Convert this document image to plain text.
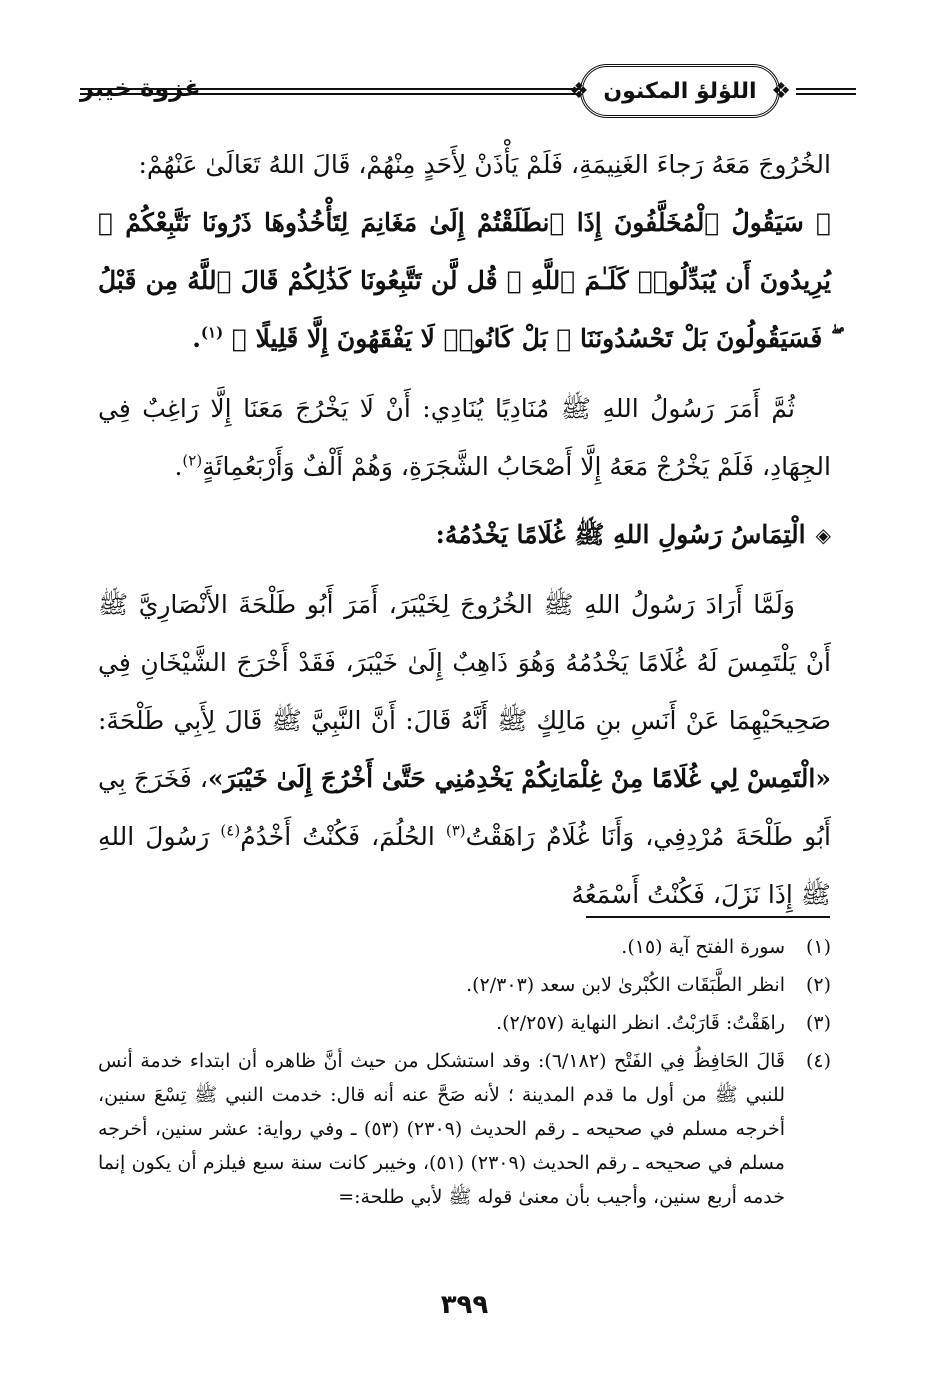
غزوة خيبر
❖	اللؤلؤ المكنون
❖

الخُرُوجَ مَعَهُ رَجاءَ الغَنِيمَةِ، فَلَمْ يَأْذَنْ لِأَحَدٍ مِنْهُمْ، قَالَ اللهُ تَعَالَىٰ عَنْهُمْ:

﴿ سَيَقُولُ ٱلْمُخَلَّفُونَ إِذَا ٱنطَلَقْتُمْ إِلَىٰ مَغَانِمَ لِتَأْخُذُوهَا ذَرُونَا نَتَّبِعْكُمْ ۖ يُرِيدُونَ أَن يُبَدِّلُوا۟ كَلَـٰمَ ٱللَّهِ ۚ قُل لَّن تَتَّبِعُونَا كَذَٰلِكُمْ قَالَ ٱللَّهُ مِن قَبْلُ ۖ فَسَيَقُولُونَ بَلْ تَحْسُدُونَنَا ۚ بَلْ كَانُوا۟ لَا يَفْقَهُونَ إِلَّا قَلِيلًا ﴾ $^{(١)}$.

ثُمَّ أَمَرَ رَسُولُ اللهِ ﷺ مُنَادِيًا يُنَادِي: أَنْ لَا يَخْرُجَ مَعَنَا إِلَّا رَاغِبٌ فِي الجِهَادِ، فَلَمْ يَخْرُجْ مَعَهُ إِلَّا أَصْحَابُ الشَّجَرَةِ، وَهُمْ أَلْفٌ وَأَرْبَعُمِائَةٍ$^{(٢)}$.

◈
الْتِمَاسُ رَسُولِ اللهِ ﷺ غُلَامًا يَخْدُمُهُ:

وَلَمَّا أَرَادَ رَسُولُ اللهِ ﷺ الخُرُوجَ لِخَيْبَرَ، أَمَرَ أَبُو طَلْحَةَ الأَنْصَارِيَّ ﷺ أَنْ يَلْتَمِسَ لَهُ غُلَامًا يَخْدُمُهُ وَهُوَ ذَاهِبٌ إِلَىٰ خَيْبَرَ، فَقَدْ أَخْرَجَ الشَّيْخَانِ فِي صَحِيحَيْهِمَا عَنْ أَنَسِ بنِ مَالِكٍ ﷺ أَنَّهُ قَالَ: أَنَّ النَّبِيَّ ﷺ قَالَ لِأَبِي طَلْحَةَ: «الْتَمِسْ لِي غُلَامًا مِنْ غِلْمَانِكُمْ يَخْدِمُنِي حَتَّىٰ أَخْرُجَ إِلَىٰ خَيْبَرَ»، فَخَرَجَ بِي أَبُو طَلْحَةَ مُرْدِفِي، وَأَنَا غُلَامٌ رَاهَقْتُ$^{(٣)}$ الحُلُمَ، فَكُنْتُ أَخْدُمُ$^{(٤)}$ رَسُولَ اللهِ ﷺ إِذَا نَزَلَ، فَكُنْتُ أَسْمَعُهُ

(١)
سورة الفتح آية (١٥).
(٢)
انظر الطَّبَقَات الكُبْرىٰ لابن سعد (٢/٣٠٣).
(٣)
راهَقْتُ: قَارَبْتُ. انظر النهاية (٢/٢٥٧).
(٤)
قَالَ الحَافِظُ فِي الفَتْح (٦/١٨٢): وقد استشكل من حيث أنَّ ظاهره أن ابتداء خدمة أنس للنبي ﷺ من أول ما قدم المدينة ؛ لأنه صَحَّ عنه أنه قال: خدمت النبي ﷺ تِسْعَ سنين، أخرجه مسلم في صحيحه ـ رقم الحديث (٢٣٠٩) (٥٣) ـ وفي رواية: عشر سنين، أخرجه مسلم في صحيحه ـ رقم الحديث (٢٣٠٩) (٥١)، وخيبر كانت سنة سبع فيلزم أن يكون إنما خدمه أربع سنين، وأجيب بأن معنىٰ قوله ﷺ لأبي طلحة:=
٣٩٩
